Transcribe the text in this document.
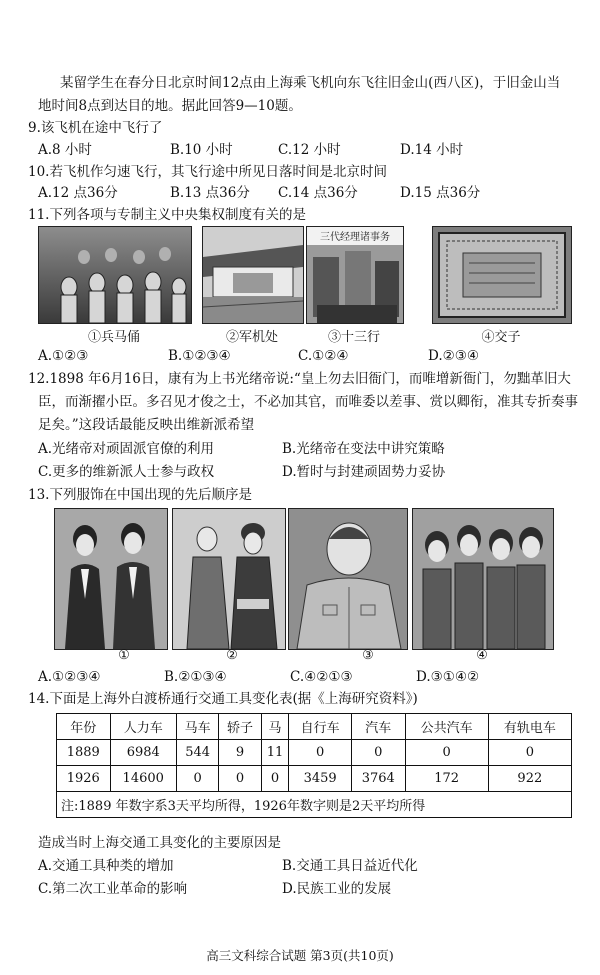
某留学生在春分日北京时间12点由上海乘飞机向东飞往旧金山(西八区)，于旧金山当
地时间8点到达目的地。据此回答9—10题。
9.该飞机在途中飞行了
A.8 小时	B.10 小时	C.12 小时	D.14 小时
10.若飞机作匀速飞行，其飞行途中所见日落时间是北京时间
A.12 点36分	B.13 点36分 C.14 点36分	D.15 点36分
11.下列各项与专制主义中央集权制度有关的是
三代经理诸事务
①兵马俑	②军机处	③十三行	④交子
A.①②③	B.①②③④	C.①②④	D.②③④
12.1898 年6月16日，康有为上书光绪帝说:“皇上勿去旧衙门，而唯增新衙门，勿黜革旧大
臣，而渐擢小臣。多召见才俊之士，不必加其官，而唯委以差事、赏以卿衔，准其专折奏事
足矣。”这段话最能反映出维新派希望
A.光绪帝对顽固派官僚的利用	B.光绪帝在变法中讲究策略
C.更多的维新派人士参与政权	D.暂时与封建顽固势力妥协
13.下列服饰在中国出现的先后顺序是
①	②	③	④
A.①②③④	B.②①③④	C.④②①③	D.③①④②
14.下面是上海外白渡桥通行交通工具变化表(据《上海研究资料》)
年份	人力车	马车	轿子	马	自行车	汽车	公共汽车	有轨电车
1889	6984	544	9	11	0	0	0	0
1926	14600	0	0	0	3459	3764	172	922
注:1889 年数字系3天平均所得，1926年数字则是2天平均所得								
造成当时上海交通工具变化的主要原因是
A.交通工具种类的增加	B.交通工具日益近代化
C.第二次工业革命的影响	D.民族工业的发展
高三文科综合试题 第3页(共10页)
